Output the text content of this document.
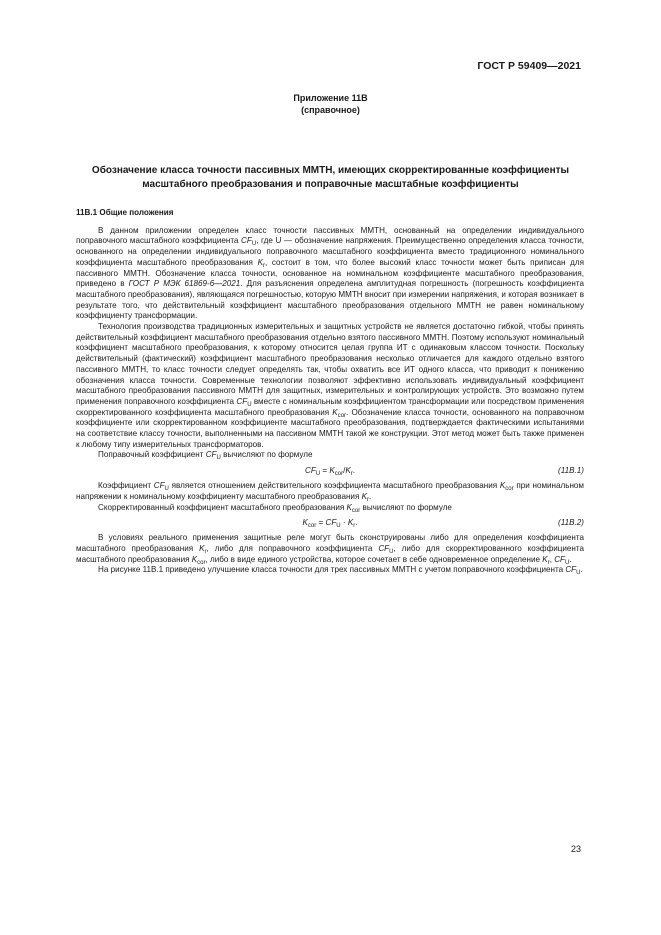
ГОСТ Р 59409—2021
Приложение 11В
(справочное)
Обозначение класса точности пассивных ММТН, имеющих скорректированные коэффициенты
масштабного преобразования и поправочные масштабные коэффициенты
11В.1 Общие положения

В данном приложении определен класс точности пассивных ММТН, основанный на определении индивидуального поправочного масштабного коэффициента $CF_U$, где U — обозначение напряжения. Преимущественно определения класса точности, основанного на определении индивидуального поправочного масштабного коэффициента вместо традиционного номинального коэффициента масштабного преобразования $K_r$, состоит в том, что более высокий класс точности может быть приписан для пассивного ММТН. Обозначение класса точности, основанное на номинальном коэффициенте масштабного преобразования, приведено в ГОСТ Р МЭК 61869-6—2021. Для разъяснения определена амплитудная погрешность (погрешность коэффициента масштабного преобразования), являющаяся погрешностью, которую ММТН вносит при измерении напряжения, и которая возникает в результате того, что действительный коэффициент масштабного преобразования отдельного ММТН не равен номинальному коэффициенту трансформации.

Технология производства традиционных измерительных и защитных устройств не является достаточно гибкой, чтобы принять действительный коэффициент масштабного преобразования отдельно взятого пассивного ММТН. Поэтому используют номинальный коэффициент масштабного преобразования, к которому относится целая группа ИТ с одинаковым классом точности. Поскольку действительный (фактический) коэффициент масштабного преобразования несколько отличается для каждого отдельно взятого пассивного ММТН, то класс точности следует определять так, чтобы охватить все ИТ одного класса, что приводит к понижению обозначения класса точности. Современные технологии позволяют эффективно использовать индивидуальный коэффициент масштабного преобразования пассивного ММТН для защитных, измерительных и контролирующих устройств. Это возможно путем применения поправочного коэффициента $CF_U$ вместе с номинальным коэффициентом трансформации или посредством применения скорректированного коэффициента масштабного преобразования $K_{cor}$. Обозначение класса точности, основанного на поправочном коэффициенте или скорректированном коэффициенте масштабного преобразования, подтверждается фактическими испытаниями на соответствие классу точности, выполненными на пассивном ММТН такой же конструкции. Этот метод может быть также применен к любому типу измерительных трансформаторов.

Поправочный коэффициент $CF_U$ вычисляют по формуле

$CF_U = K_{cor}/K_r$.	(11В.1)

Коэффициент $CF_U$ является отношением действительного коэффициента масштабного преобразования $K_{cor}$ при номинальном напряжении к номинальному коэффициенту масштабного преобразования $K_r$.

Скорректированный коэффициент масштабного преобразования $K_{cor}$ вычисляют по формуле

$K_{cor} = CF_U \cdot K_r$.	(11В.2)

В условиях реального применения защитные реле могут быть сконструированы либо для определения коэффициента масштабного преобразования $K_r$, либо для поправочного коэффициента $CF_U$, либо для скорректированного коэффициента масштабного преобразования $K_{cor}$, либо в виде единого устройства, которое сочетает в себе одновременное определение $K_r$, $CF_U$.

На рисунке 11В.1 приведено улучшение класса точности для трех пассивных ММТН с учетом поправочного коэффициента $CF_U$.

23
